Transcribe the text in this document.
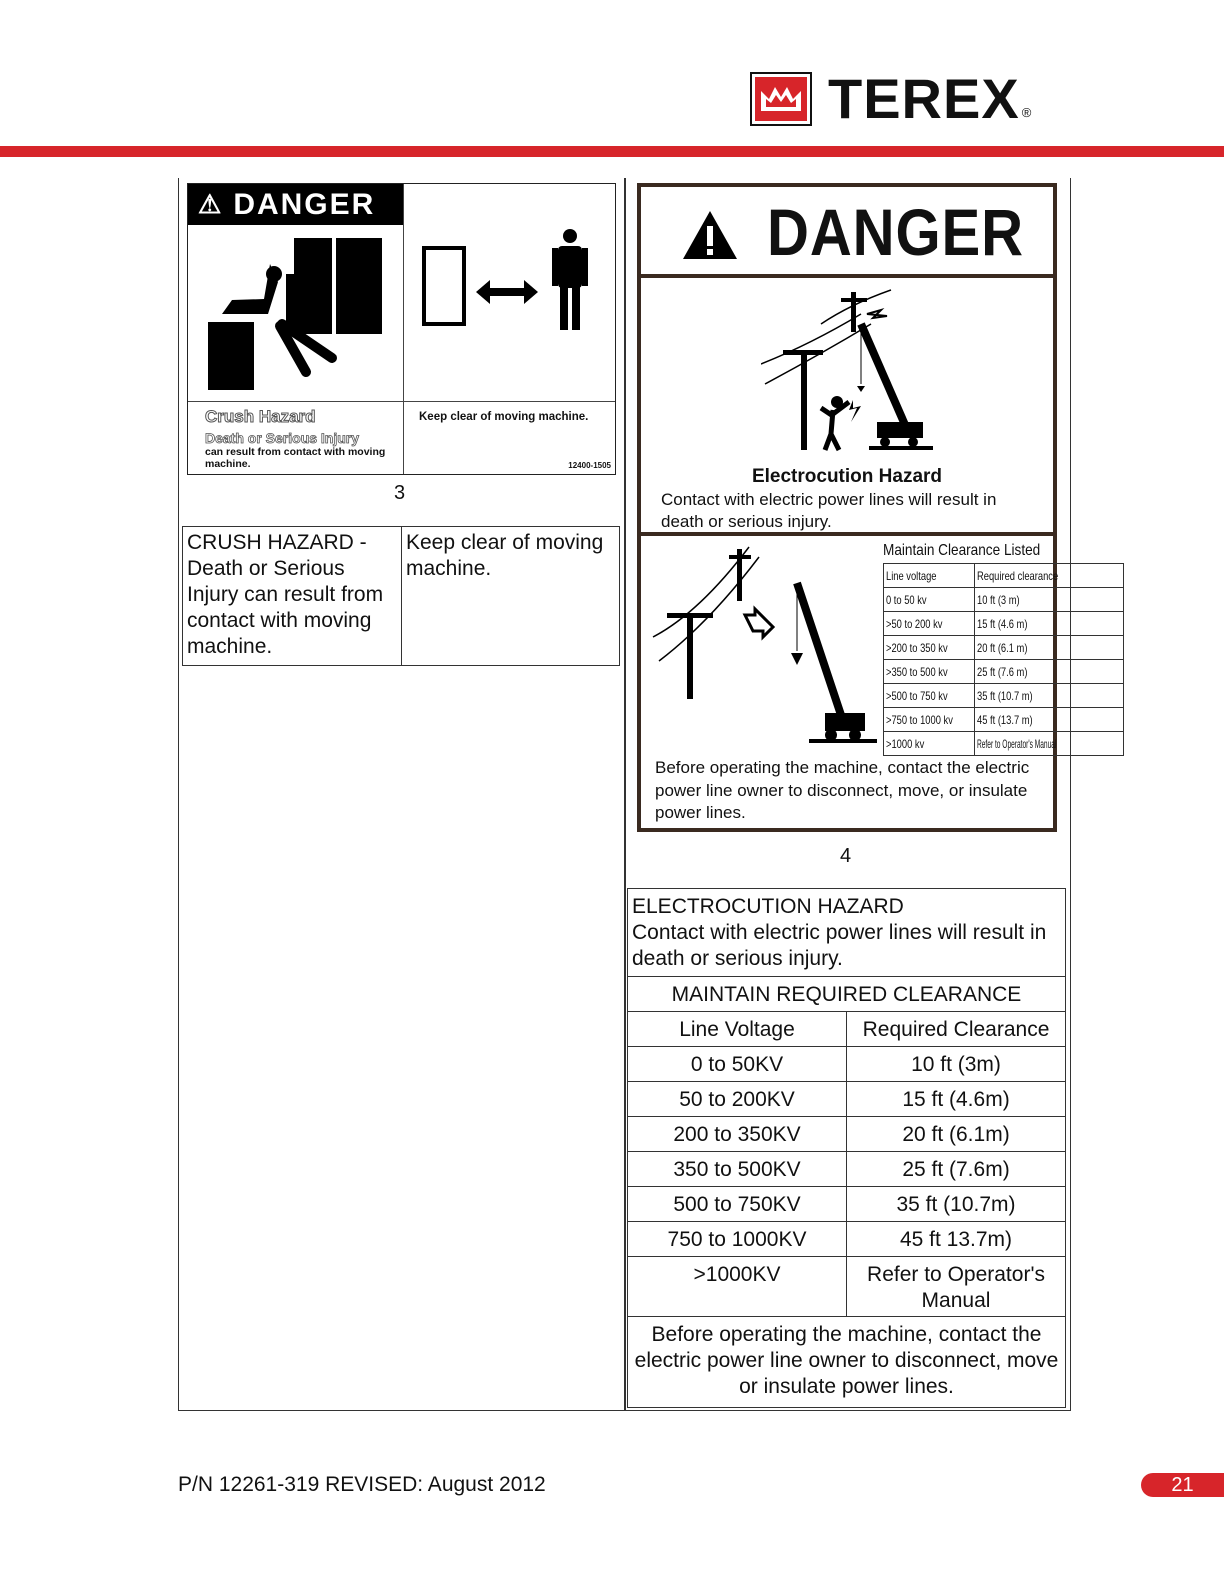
TEREX ®
⚠ DANGER
Crush Hazard
Death or Serious Injury
can result from contact with moving machine.
Keep clear of moving machine.
12400-1505
3
CRUSH HAZARD - Death or Serious Injury can result from contact with moving machine.
Keep clear of moving machine.
DANGER
Electrocution Hazard
Contact with electric power lines will result in death or serious injury.
Maintain Clearance Listed
Line voltage	Required clearance
0 to 50 kv	10 ft (3 m)
>50 to 200 kv	15 ft (4.6 m)
>200 to 350 kv	20 ft (6.1 m)
>350 to 500 kv	25 ft (7.6 m)
>500 to 750 kv	35 ft (10.7 m)
>750 to 1000 kv	45 ft (13.7 m)
>1000 kv	Refer to Operator's Manual
Before operating the machine, contact the electric power line owner to disconnect, move, or insulate power lines.
4
ELECTROCUTION HAZARD
Contact with electric power lines will result in death or serious injury.	

MAINTAIN REQUIRED CLEARANCE	
Line Voltage	Required Clearance
0 to 50KV	10 ft (3m)
50 to 200KV	15 ft (4.6m)
200 to 350KV	20 ft (6.1m)
350 to 500KV	25 ft (7.6m)
500 to 750KV	35 ft (10.7m)
750 to 1000KV	45 ft 13.7m)
>1000KV	Refer to Operator's Manual
Before operating the machine, contact the electric power line owner to disconnect, move or insulate power lines.	
P/N 12261-319 REVISED: August 2012	21
